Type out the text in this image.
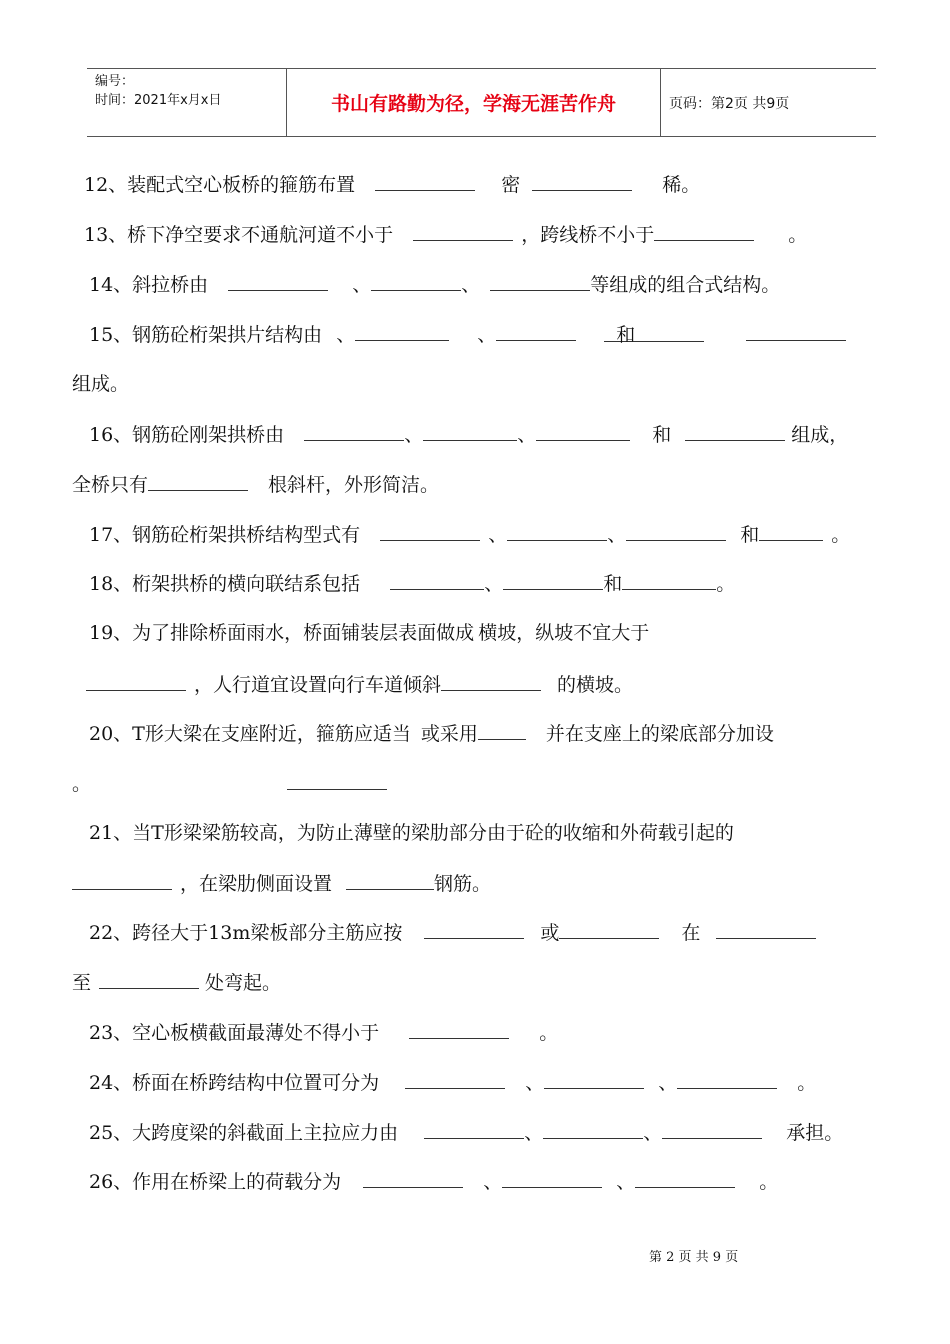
编号：
时间：2021年x月x日	书山有路勤为径，学海无涯苦作舟	页码：第2页 共9页
12、装配式空心板桥的箍筋布置	密	稀。
13、桥下净空要求不通航河道不小于	，跨线桥不小于	。
14、斜拉桥由	、	、	等组成的组合式结构。
15、钢筋砼桁架拱片结构由 、	、	和
组成。
16、钢筋砼刚架拱桥由	、	、	和	组成，
全桥只有	根斜杆，外形简洁。
17、钢筋砼桁架拱桥结构型式有	、	、	和	。
18、桁架拱桥的横向联结系包括	、	和	。
19、为了排除桥面雨水，桥面铺装层表面做成 横坡，纵坡不宜大于
，人行道宜设置向行车道倾斜	的横坡。
20、T形大梁在支座附近，箍筋应适当 或采用	并在支座上的梁底部分加设
。
21、当T形梁梁筋较高，为防止薄壁的梁肋部分由于砼的收缩和外荷载引起的
，在梁肋侧面设置	钢筋。
22、跨径大于13m梁板部分主筋应按	或	在
至	处弯起。
23、空心板横截面最薄处不得小于	。
24、桥面在桥跨结构中位置可分为	、	、	。
25、大跨度梁的斜截面上主拉应力由	、	、	承担。
26、作用在桥梁上的荷载分为	、	、	。
第 2 页 共 9 页
